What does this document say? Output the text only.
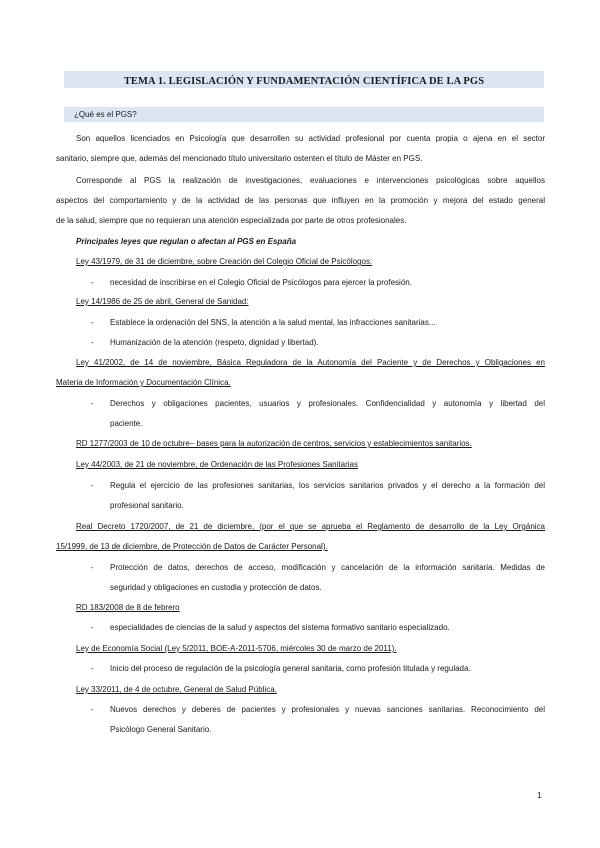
TEMA 1. LEGISLACIÓN Y FUNDAMENTACIÓN CIENTÍFICA DE LA PGS
¿Qué es el PGS?
Son aquellos licenciados en Psicología que desarrollen su actividad profesional por cuenta propia o ajena en el sector
sanitario, siempre que, además del mencionado título universitario ostenten el título de Máster en PGS.
Corresponde al PGS la realización de investigaciones, evaluaciones e intervenciones psicológicas sobre aquellos
aspectos del comportamiento y de la actividad de las personas que influyen en la promoción y mejora del estado general
de la salud, siempre que no requieran una atención especializada por parte de otros profesionales.
Principales leyes que regulan o afectan al PGS en España
Ley 43/1979, de 31 de diciembre, sobre Creación del Colegio Oficial de Psicólogos:
- necesidad de inscribirse en el Colegio Oficial de Psicólogos para ejercer la profesión.
Ley 14/1986 de 25 de abril, General de Sanidad:
- Establece la ordenación del SNS, la atención a la salud mental, las infracciones sanitarias...
- Humanización de la atención (respeto, dignidad y libertad).
Ley 41/2002, de 14 de noviembre, Básica Reguladora de la Autonomía del Paciente y de Derechos y Obligaciones en
Materia de Información y Documentación Clínica.
- Derechos y obligaciones pacientes, usuarios y profesionales. Confidencialidad y autonomía y libertad del
paciente.
RD 1277/2003 de 10 de octubre– bases para la autorización de centros, servicios y establecimientos sanitarios.
Ley 44/2003, de 21 de noviembre, de Ordenación de las Profesiones Sanitarias
- Regula el ejercicio de las profesiones sanitarias, los servicios sanitarios privados y el derecho a la formación del
profesional sanitario.
Real Decreto 1720/2007, de 21 de diciembre, (por el que se aprueba el Reglamento de desarrollo de la Ley Orgánica
15/1999, de 13 de diciembre, de Protección de Datos de Carácter Personal).
- Protección de datos, derechos de acceso, modificación y cancelación de la información sanitaria. Medidas de
seguridad y obligaciones en custodia y protección de datos.
RD 183/2008 de 8 de febrero
- especialidades de ciencias de la salud y aspectos del sistema formativo sanitario especializado.
Ley de Economía Social (Ley 5/2011, BOE-A-2011-5706, miércoles 30 de marzo de 2011).
- Inicio del proceso de regulación de la psicología general sanitaria, como profesión titulada y regulada.
Ley 33/2011, de 4 de octubre, General de Salud Pública.
- Nuevos derechos y deberes de pacientes y profesionales y nuevas sanciones sanitarias. Reconocimiento del
Psicólogo General Sanitario.
1
